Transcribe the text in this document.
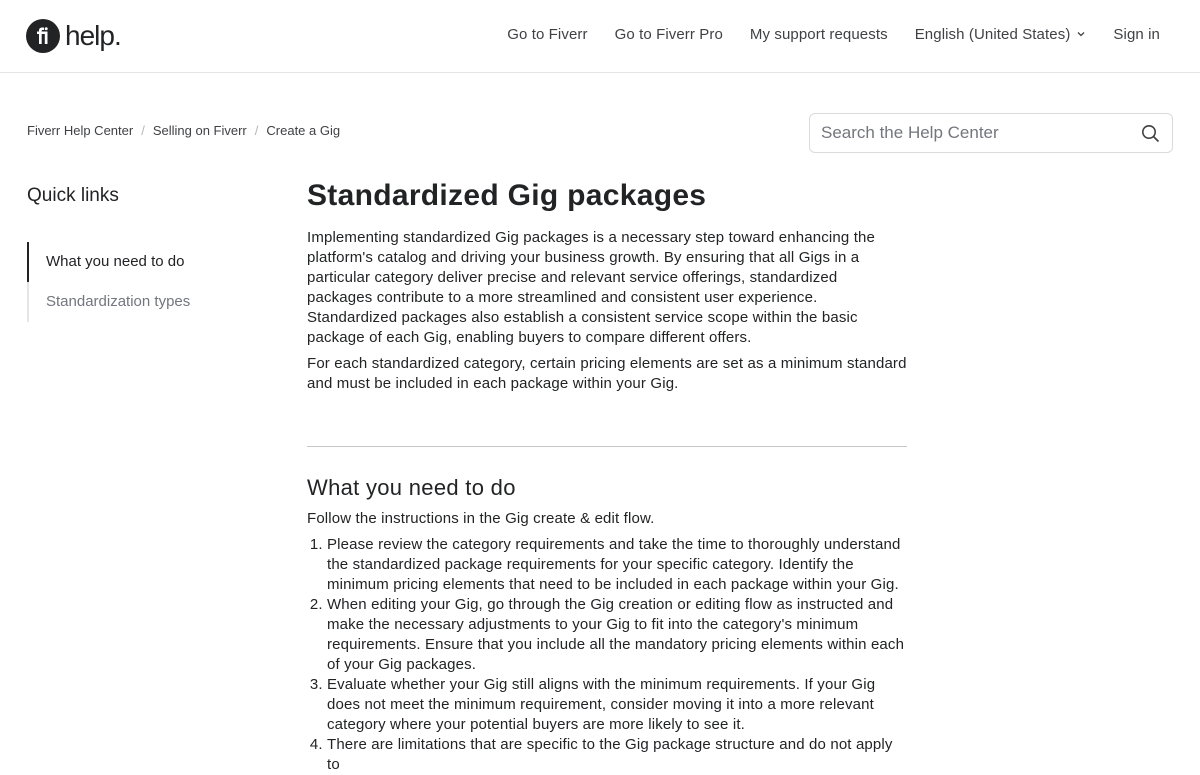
help.	Go to Fiverr Go to Fiverr Pro My support requests English (United States)	Sign in
Fiverr Help Center / Selling on Fiverr / Create a Gig
Search the Help Center
Quick links
What you need to do
Standardization types
Standardized Gig packages

Implementing standardized Gig packages is a necessary step toward enhancing the platform's catalog and driving your business growth. By ensuring that all Gigs in a particular category deliver precise and relevant service offerings, standardized packages contribute to a more streamlined and consistent user experience. Standardized packages also establish a consistent service scope within the basic package of each Gig, enabling buyers to compare different offers.

For each standardized category, certain pricing elements are set as a minimum standard and must be included in each package within your Gig.

What you need to do

Follow the instructions in the Gig create & edit flow.

1. Please review the category requirements and take the time to thoroughly understand the standardized package requirements for your specific category. Identify the minimum pricing elements that need to be included in each package within your Gig.
2. When editing your Gig, go through the Gig creation or editing flow as instructed and make the necessary adjustments to your Gig to fit into the category's minimum requirements. Ensure that you include all the mandatory pricing elements within each of your Gig packages.
3. Evaluate whether your Gig still aligns with the minimum requirements. If your Gig does not meet the minimum requirement, consider moving it into a more relevant category where your potential buyers are more likely to see it.
4. There are limitations that are specific to the Gig package structure and do not apply to
